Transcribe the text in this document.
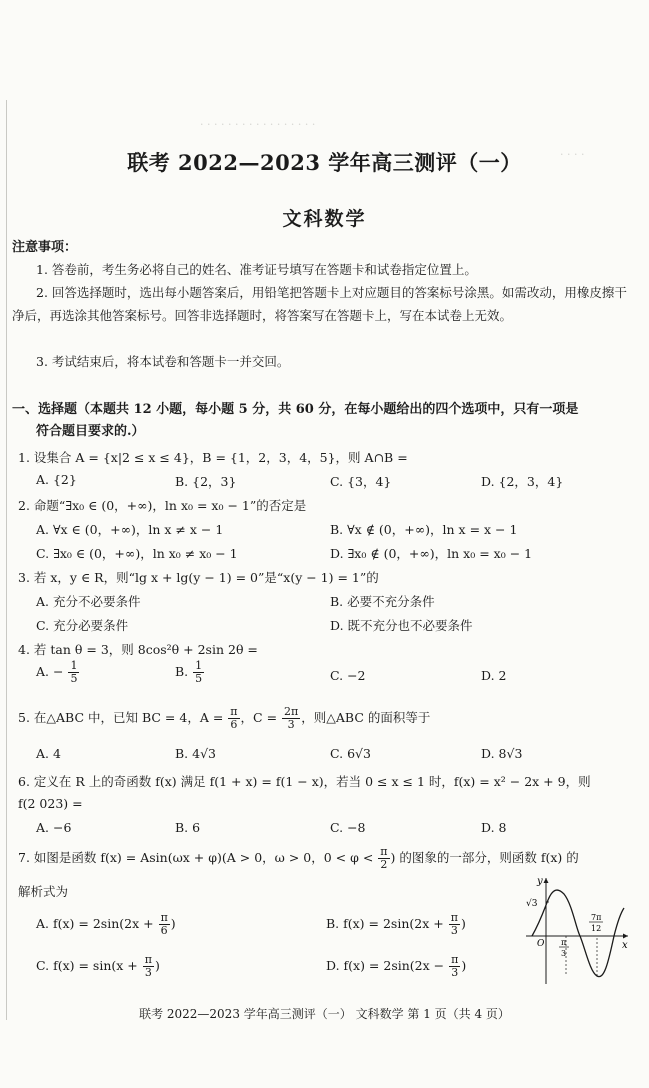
· · · · · · · · · · · · · · · · ·
· · · ·
联考 2022—2023 学年高三测评（一）
文科数学
注意事项：
1. 答卷前，考生务必将自己的姓名、准考证号填写在答题卡和试卷指定位置上。
2. 回答选择题时，选出每小题答案后，用铅笔把答题卡上对应题目的答案标号涂黑。如需改动，用橡皮擦干净后，再选涂其他答案标号。回答非选择题时，将答案写在答题卡上，写在本试卷上无效。
3. 考试结束后，将本试卷和答题卡一并交回。
一、选择题（本题共 12 小题，每小题 5 分，共 60 分，在每小题给出的四个选项中，只有一项是
符合题目要求的.）
1. 设集合 A = {x|2 ≤ x ≤ 4}，B = {1，2，3，4，5}，则 A∩B =
A. {2}	B. {2，3}	C. {3，4}	D. {2，3，4}
2. 命题“∃x₀ ∈ (0，+∞)，ln x₀ = x₀ − 1”的否定是
A. ∀x ∈ (0，+∞)，ln x ≠ x − 1	B. ∀x ∉ (0，+∞)，ln x = x − 1
C. ∃x₀ ∈ (0，+∞)，ln x₀ ≠ x₀ − 1	D. ∃x₀ ∉ (0，+∞)，ln x₀ = x₀ − 1
3. 若 x，y ∈ R，则“lg x + lg(y − 1) = 0”是“x(y − 1) = 1”的
A. 充分不必要条件	B. 必要不充分条件
C. 充分必要条件	D. 既不充分也不必要条件
4. 若 tan θ = 3，则 8cos²θ + 2sin 2θ =
A. − $\frac{1}{5}$	B. $\frac{1}{5}$	C. −2	D. 2
5. 在△ABC 中，已知 BC = 4，$A = \frac{\pi}{6}$ ，$C = \frac{2\pi}{3}$ ，则△ABC 的面积等于
A. 4	B. 4√3	C. 6√3	D. 8√3
6. 定义在 R 上的奇函数 f(x) 满足 f(1 + x) = f(1 − x)，若当 0 ≤ x ≤ 1 时，f(x) = x² − 2x + 9，则
f(2 023) =
A. −6	B. 6	C. −8	D. 8
7. 如图是函数 f(x) = Asin(ωx + φ)(A > 0，ω > 0，$0 < \varphi < \frac{\pi}{2}$ ) 的图象的一部分，则函数 f(x) 的
解析式为
A. $f(x) = 2\sin(2x + \frac{\pi}{6}$ )	B. $f(x) = 2\sin(2x + \frac{\pi}{3}$ )
C. $f(x) = \sin(x + \frac{\pi}{3}$ )	D. $f(x) = 2\sin(2x - \frac{\pi}{3}$ )
y
x
O
√3
π
3
7π
12
联考 2022—2023 学年高三测评（一） 文科数学 第 1 页（共 4 页）
